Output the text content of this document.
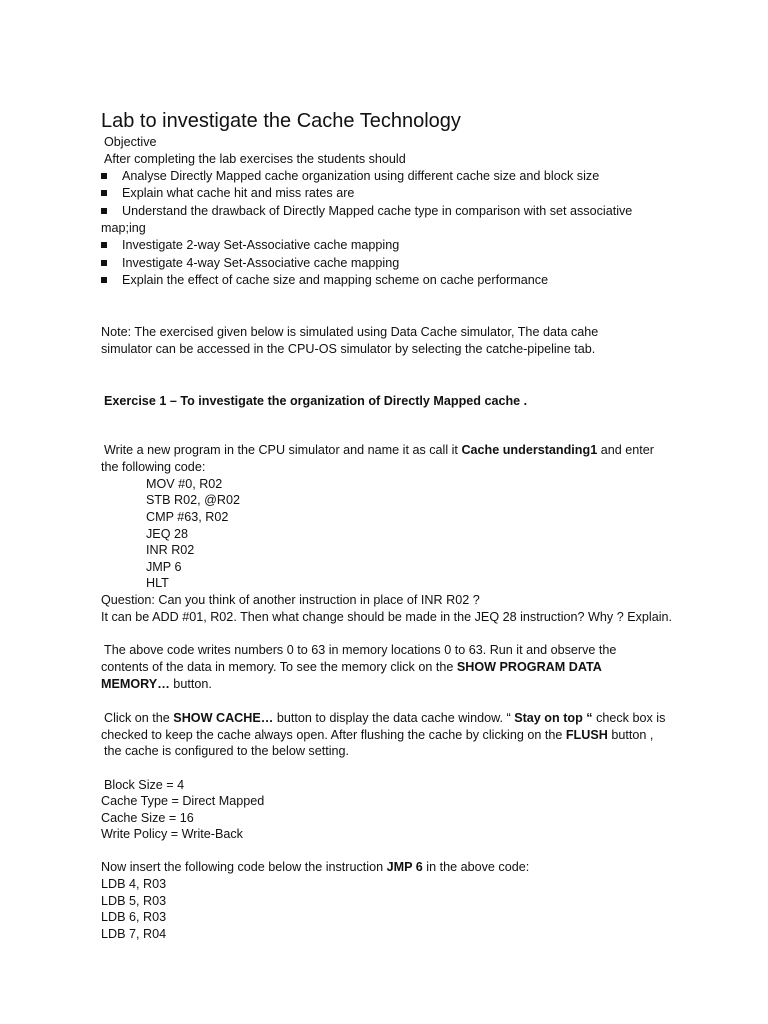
Lab to investigate the Cache Technology
Objective
After completing the lab exercises the students should
Analyse Directly Mapped cache organization using different cache size and block size
Explain what cache hit and miss rates are
Understand the drawback of Directly Mapped cache type in comparison with set associative
map;ing
Investigate 2-way Set-Associative cache mapping
Investigate 4-way Set-Associative cache mapping
Explain the effect of cache size and mapping scheme on cache performance
Note: The exercised given below is simulated using Data Cache simulator, The data cahe
simulator can be accessed in the CPU-OS simulator by selecting the catche-pipeline tab.
Exercise 1 – To investigate the organization of Directly Mapped cache .
Write a new program in the CPU simulator and name it as call it Cache understanding1 and enter
the following code:
MOV #0, R02
STB R02, @R02
CMP #63, R02
JEQ 28
INR R02
JMP 6
HLT
Question: Can you think of another instruction in place of INR R02 ?
It can be ADD #01, R02. Then what change should be made in the JEQ 28 instruction? Why ? Explain.
The above code writes numbers 0 to 63 in memory locations 0 to 63. Run it and observe the
contents of the data in memory. To see the memory click on the SHOW PROGRAM DATA
MEMORY… button.
Click on the SHOW CACHE… button to display the data cache window. “ Stay on top “ check box is
checked to keep the cache always open. After flushing the cache by clicking on the FLUSH button ,
the cache is configured to the below setting.
Block Size = 4
Cache Type = Direct Mapped
Cache Size = 16
Write Policy = Write-Back
Now insert the following code below the instruction JMP 6 in the above code:
LDB 4, R03
LDB 5, R03
LDB 6, R03
LDB 7, R04
